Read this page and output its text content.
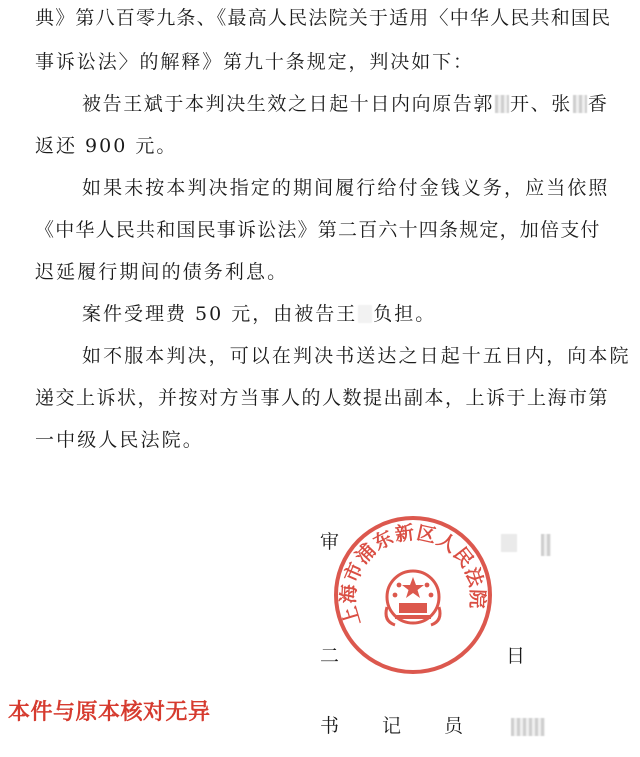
典》第八百零九条、《最高人民法院关于适用〈中华人民共和国民
事诉讼法〉的解释》第九十条规定，判决如下：
被告王斌于本判决生效之日起十日内向原告郭 开、张 香
返还 900 元。
如果未按本判决指定的期间履行给付金钱义务，应当依照
《中华人民共和国民事诉讼法》第二百六十四条规定，加倍支付
迟延履行期间的债务利息。
案件受理费 50 元，由被告王 负担。
如不服本判决，可以在判决书送达之日起十五日内，向本院
递交上诉状，并按对方当事人的人数提出副本，上诉于上海市第
一中级人民法院。
审
二	日
书 记 员
上海市浦东新区人民法院
本件与原本核对无异
